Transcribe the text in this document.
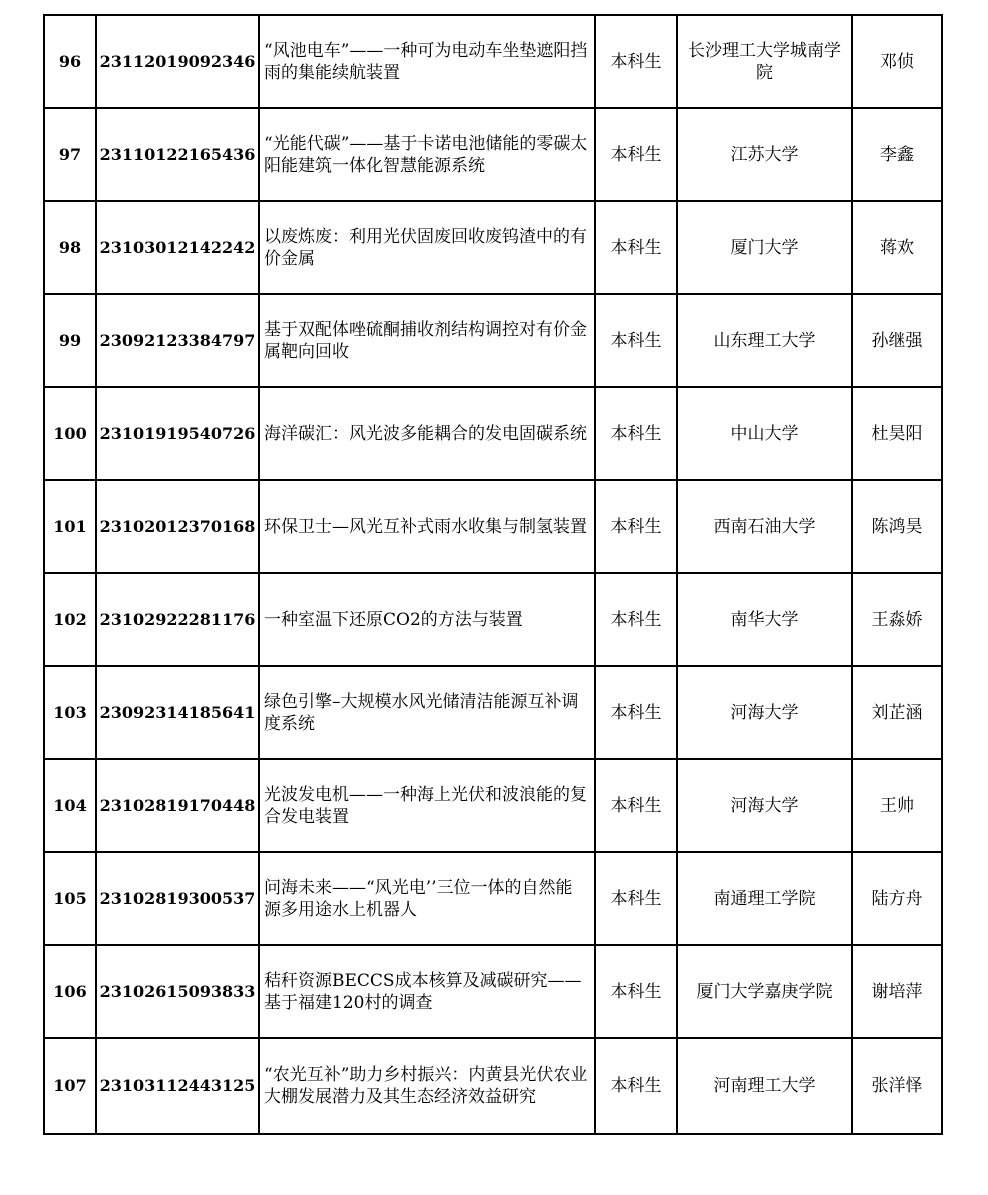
96	23112019092346	“风池电车”——一种可为电动车坐垫遮阳挡雨的集能续航装置	本科生	长沙理工大学城南学院	邓侦
97	23110122165436	“光能代碳”——基于卡诺电池储能的零碳太阳能建筑一体化智慧能源系统	本科生	江苏大学	李鑫
98	23103012142242	以废炼废：利用光伏固废回收废钨渣中的有价金属	本科生	厦门大学	蒋欢
99	23092123384797	基于双配体唑硫酮捕收剂结构调控对有价金属靶向回收	本科生	山东理工大学	孙继强
100	23101919540726	海洋碳汇：风光波多能耦合的发电固碳系统	本科生	中山大学	杜昊阳
101	23102012370168	环保卫士—风光互补式雨水收集与制氢装置	本科生	西南石油大学	陈鸿昊
102	23102922281176	一种室温下还原CO2的方法与装置	本科生	南华大学	王淼娇
103	23092314185641	绿色引擎–大规模水风光储清洁能源互补调度系统	本科生	河海大学	刘芷涵
104	23102819170448	光波发电机——一种海上光伏和波浪能的复合发电装置	本科生	河海大学	王帅
105	23102819300537	问海未来——“风光电’’三位一体的自然能源多用途水上机器人	本科生	南通理工学院	陆方舟
106	23102615093833	秸秆资源BECCS成本核算及减碳研究——基于福建120村的调查	本科生	厦门大学嘉庚学院	谢培萍
107	23103112443125	“农光互补”助力乡村振兴：内黄县光伏农业大棚发展潜力及其生态经济效益研究	本科生	河南理工大学	张洋怿
